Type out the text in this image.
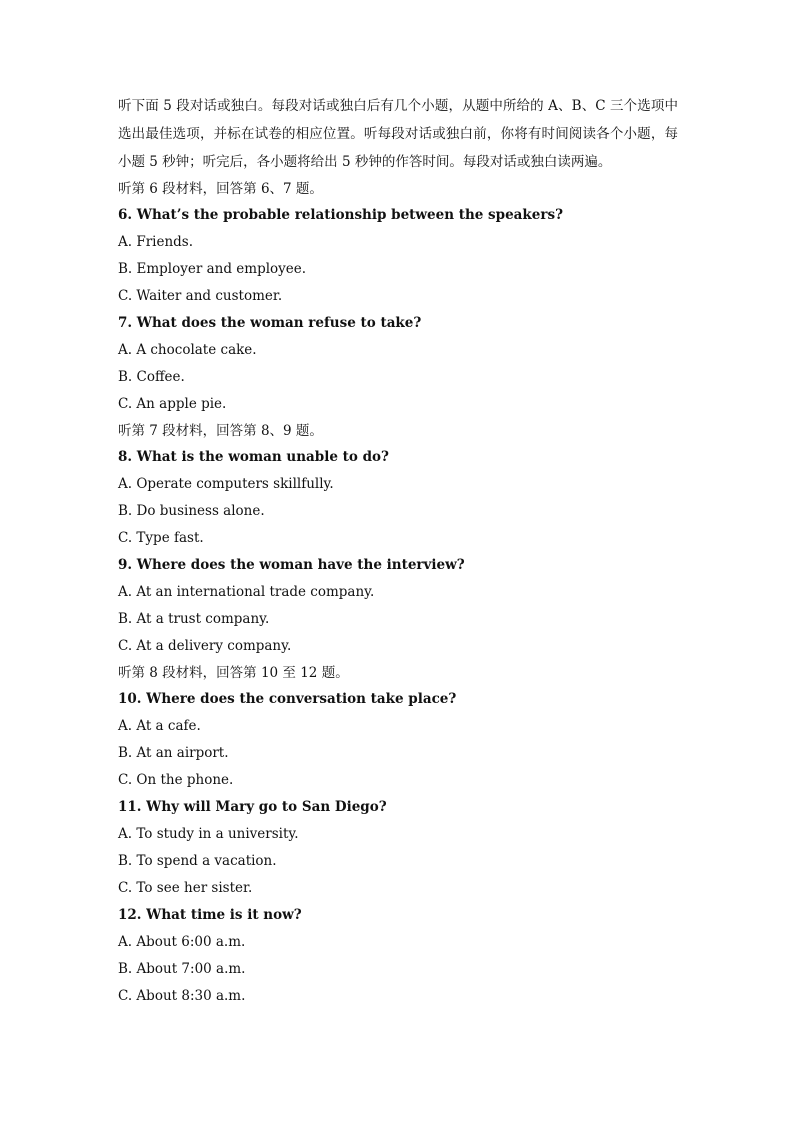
听下面 5 段对话或独白。每段对话或独白后有几个小题，从题中所给的 A、B、C 三个选项中选出最佳选项，并标在试卷的相应位置。听每段对话或独白前，你将有时间阅读各个小题，每小题 5 秒钟；听完后，各小题将给出 5 秒钟的作答时间。每段对话或独白读两遍。

听第 6 段材料，回答第 6、7 题。

6. What’s the probable relationship between the speakers?

A. Friends.

B. Employer and employee.

C. Waiter and customer.

7. What does the woman refuse to take?

A. A chocolate cake.

B. Coffee.

C. An apple pie.

听第 7 段材料，回答第 8、9 题。

8. What is the woman unable to do?

A. Operate computers skillfully.

B. Do business alone.

C. Type fast.

9. Where does the woman have the interview?

A. At an international trade company.

B. At a trust company.

C. At a delivery company.

听第 8 段材料，回答第 10 至 12 题。

10. Where does the conversation take place?

A. At a cafe.

B. At an airport.

C. On the phone.

11. Why will Mary go to San Diego?

A. To study in a university.

B. To spend a vacation.

C. To see her sister.

12. What time is it now?

A. About 6:00 a.m.

B. About 7:00 a.m.

C. About 8:30 a.m.
